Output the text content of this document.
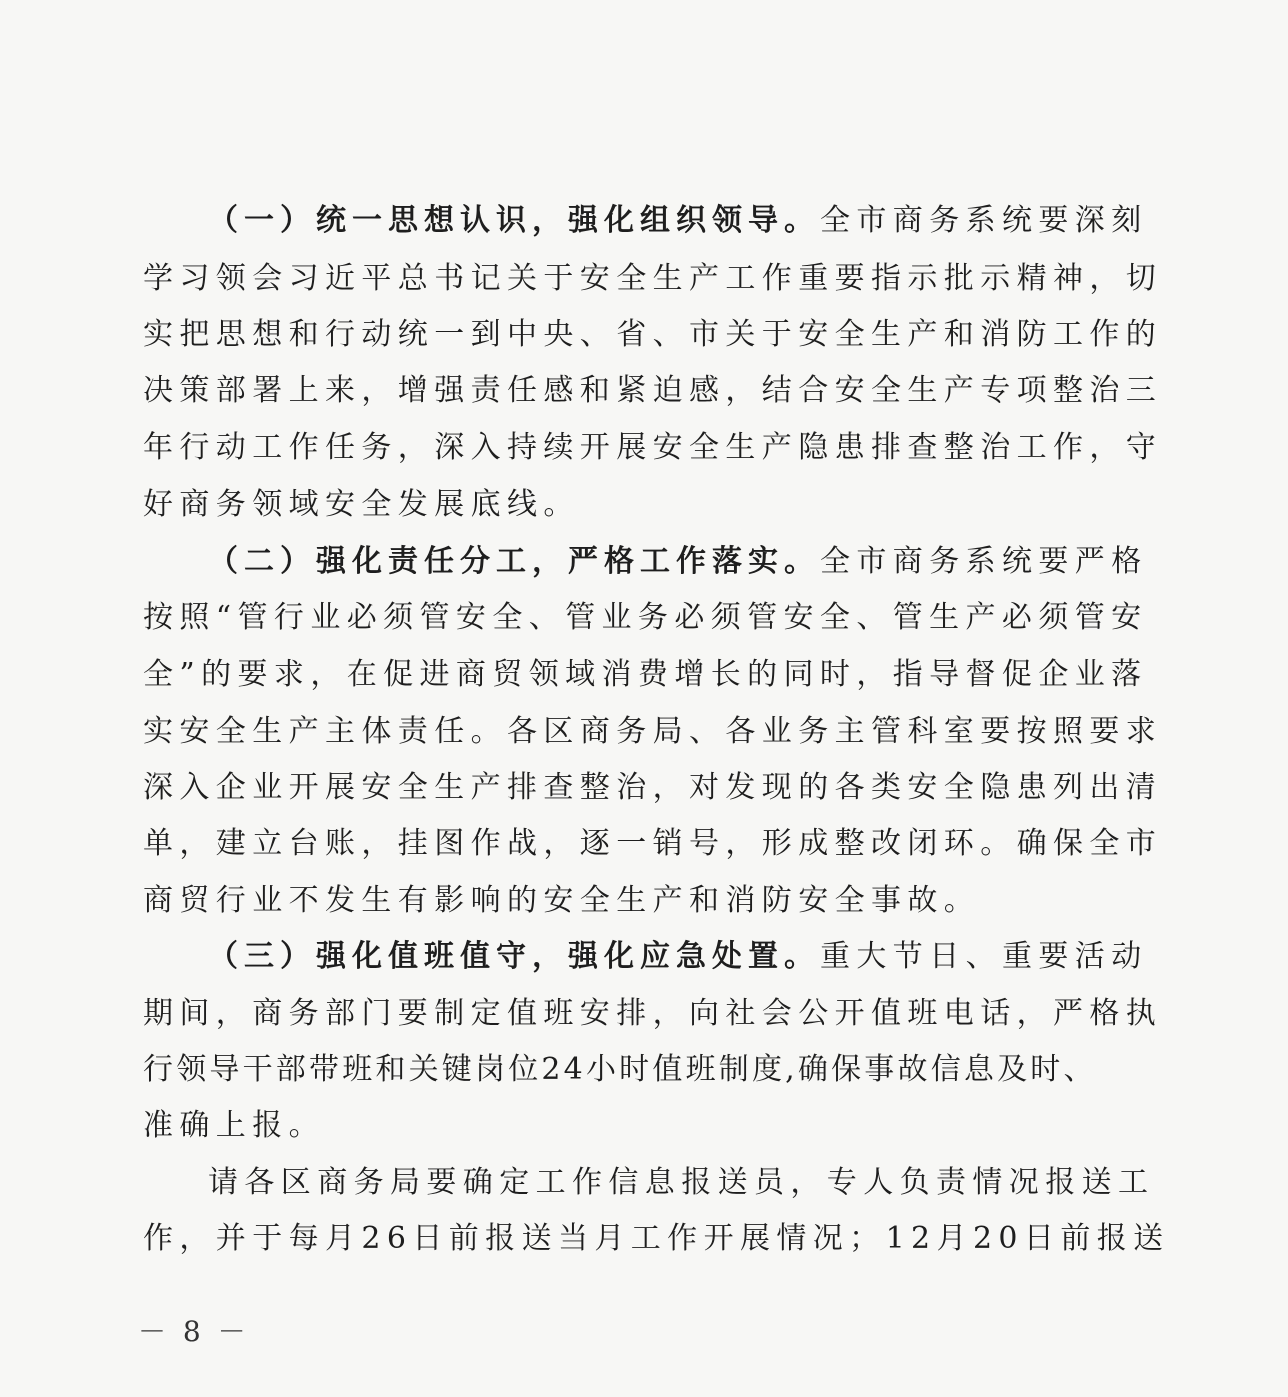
（一）统一思想认识，强化组织领导。全市商务系统要深刻
学习领会习近平总书记关于安全生产工作重要指示批示精神，切
实把思想和行动统一到中央、省、市关于安全生产和消防工作的
决策部署上来，增强责任感和紧迫感，结合安全生产专项整治三
年行动工作任务，深入持续开展安全生产隐患排查整治工作，守
好商务领域安全发展底线。
（二）强化责任分工，严格工作落实。全市商务系统要严格
按照“管行业必须管安全、管业务必须管安全、管生产必须管安
全”的要求，在促进商贸领域消费增长的同时，指导督促企业落
实安全生产主体责任。各区商务局、各业务主管科室要按照要求
深入企业开展安全生产排查整治，对发现的各类安全隐患列出清
单，建立台账，挂图作战，逐一销号，形成整改闭环。确保全市
商贸行业不发生有影响的安全生产和消防安全事故。
（三）强化值班值守，强化应急处置。重大节日、重要活动
期间，商务部门要制定值班安排，向社会公开值班电话，严格执
行领导干部带班和关键岗位24小时值班制度,确保事故信息及时、
准确上报。
请各区商务局要确定工作信息报送员，专人负责情况报送工
作，并于每月26日前报送当月工作开展情况；12月20日前报送
－ 8 －
